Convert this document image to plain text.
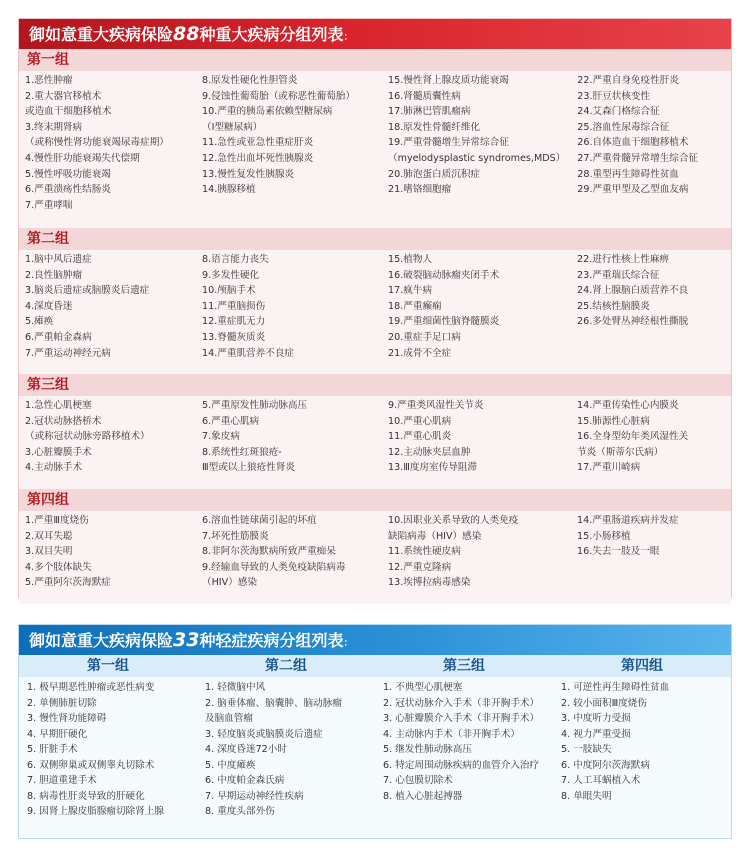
御如意重大疾病保险88种重大疾病分组列表：
第一组
1.恶性肿瘤
2.重大器官移植术
或造血干细胞移植术
3.终末期肾病
（或称慢性肾功能衰竭尿毒症期）
4.慢性肝功能衰竭失代偿期
5.慢性呼吸功能衰竭
6.严重溃疡性结肠炎
7.严重哮喘
8.原发性硬化性胆管炎
9.侵蚀性葡萄胎（或称恶性葡萄胎）
10.严重的胰岛素依赖型糖尿病
（Ⅰ型糖尿病）
11.急性或亚急性重症肝炎
12.急性出血坏死性胰腺炎
13.慢性复发性胰腺炎
14.胰腺移植
15.慢性肾上腺皮质功能衰竭
16.肾髓质囊性病
17.肺淋巴管肌瘤病
18.原发性骨髓纤维化
19.严重骨髓增生异常综合征
（myelodysplastic syndromes,MDS）
20.肺泡蛋白质沉积症
21.嗜铬细胞瘤
22.严重自身免疫性肝炎
23.肝豆状核变性
24.艾森门格综合征
25.溶血性尿毒综合征
26.自体造血干细胞移植术
27.严重骨髓异常增生综合征
28.重型再生障碍性贫血
29.严重甲型及乙型血友病
第二组
1.脑中风后遗症
2.良性脑肿瘤
3.脑炎后遗症或脑膜炎后遗症
4.深度昏迷
5.瘫痪
6.严重帕金森病
7.严重运动神经元病
8.语言能力丧失
9.多发性硬化
10.颅脑手术
11.严重脑损伤
12.重症肌无力
13.脊髓灰质炎
14.严重肌营养不良症
15.植物人
16.破裂脑动脉瘤夹闭手术
17.疯牛病
18.严重癫痫
19.严重细菌性脑脊髓膜炎
20.重症手足口病
21.成骨不全症
22.进行性核上性麻痹
23.严重瑞氏综合征
24.肾上腺脑白质营养不良
25.结核性脑膜炎
26.多处臂丛神经根性撕脱
第三组
1.急性心肌梗塞
2.冠状动脉搭桥术
（或称冠状动脉旁路移植术）
3.心脏瓣膜手术
4.主动脉手术
5.严重原发性肺动脉高压
6.严重心肌病
7.象皮病
8.系统性红斑狼疮-
Ⅲ型或以上狼疮性肾炎
9.严重类风湿性关节炎
10.严重心肌病
11.严重心肌炎
12.主动脉夹层血肿
13.Ⅲ度房室传导阻滞
14.严重传染性心内膜炎
15.肺源性心脏病
16.全身型幼年类风湿性关
节炎（斯蒂尔氏病）
17.严重川崎病
第四组
1.严重Ⅲ度烧伤
2.双耳失聪
3.双目失明
4.多个肢体缺失
5.严重阿尔茨海默症
6.溶血性链球菌引起的坏疽
7.坏死性筋膜炎
8.非阿尔茨海默病所致严重痴呆
9.经输血导致的人类免疫缺陷病毒
（HIV）感染
10.因职业关系导致的人类免疫
缺陷病毒（HIV）感染
11.系统性硬皮病
12.严重克隆病
13.埃博拉病毒感染
14.严重肠道疾病并发症
15.小肠移植
16.失去一肢及一眼
御如意重大疾病保险33种轻症疾病分组列表：
第一组	第二组	第三组	第四组
1. 极早期恶性肿瘤或恶性病变
2. 单侧肺脏切除
3. 慢性肾功能障碍
4. 早期肝硬化
5. 肝脏手术
6. 双侧卵巢或双侧睾丸切除术
7. 胆道重建手术
8. 病毒性肝炎导致的肝硬化
9. 因肾上腺皮脂腺瘤切除肾上腺
1. 轻微脑中风
2. 脑垂体瘤、脑囊肿、脑动脉瘤
及脑血管瘤
3. 轻度脑炎或脑膜炎后遗症
4. 深度昏迷72小时
5. 中度瘫痪
6. 中度帕金森氏病
7. 早期运动神经性疾病
8. 重度头部外伤
1. 不典型心肌梗塞
2. 冠状动脉介入手术（非开胸手术）
3. 心脏瓣膜介入手术（非开胸手术）
4. 主动脉内手术（非开胸手术）
5. 继发性肺动脉高压
6. 特定周围动脉疾病的血管介入治疗
7. 心包膜切除术
8. 植入心脏起搏器
1. 可逆性再生障碍性贫血
2. 较小面积Ⅲ度烧伤
3. 中度听力受损
4. 视力严重受损
5. 一肢缺失
6. 中度阿尔茨海默病
7. 人工耳蜗植入术
8. 单眼失明
